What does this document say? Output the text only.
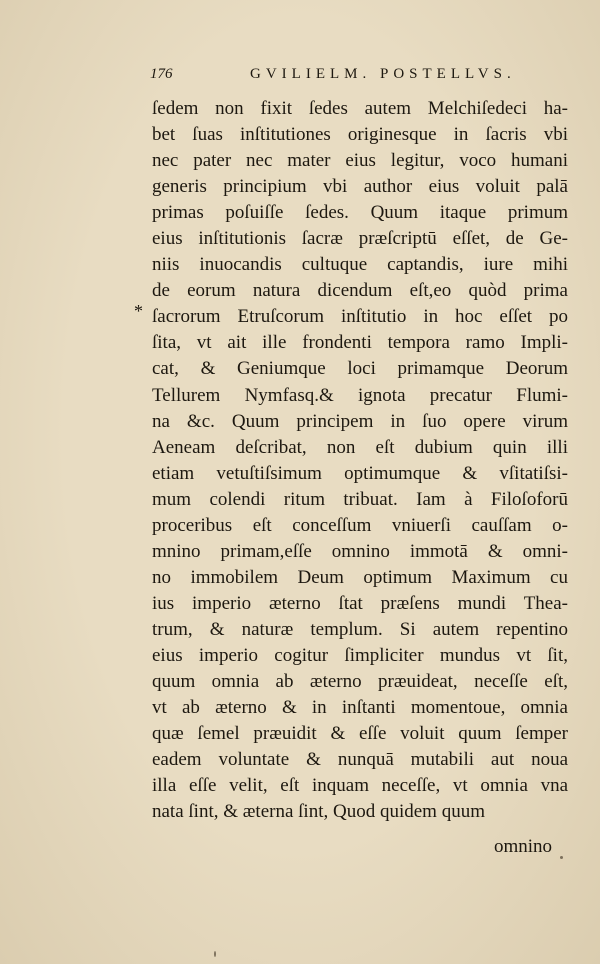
176	GVILIELM. POSTELLVS.
*
ſedem non fixit ſedes autem Melchiſedeci ha-
bet ſuas inſtitutiones originesque in ſacris vbi
nec pater nec mater eius legitur, voco humani
generis principium vbi author eius voluit palā
primas poſuiſſe ſedes. Quum itaque primum
eius inſtitutionis ſacræ præſcriptū eſſet, de Ge-
niis inuocandis cultuque captandis, iure mihi
de eorum natura dicendum eſt,eo quòd prima
ſacrorum Etruſcorum inſtitutio in hoc eſſet po
ſita, vt ait ille frondenti tempora ramo Impli-
cat, & Geniumque loci primamque Deorum
Tellurem Nymfasq.& ignota precatur Flumi-
na &c. Quum principem in ſuo opere virum
Aeneam deſcribat, non eſt dubium quin illi
etiam vetuſtiſsimum optimumque & vſitatiſsi-
mum colendi ritum tribuat. Iam à Filoſoforū
proceribus eſt conceſſum vniuerſi cauſſam o-
mnino primam,eſſe omnino immotā & omni-
no immobilem Deum optimum Maximum cu
ius imperio æterno ſtat præſens mundi Thea-
trum, & naturæ templum. Si autem repentino
eius imperio cogitur ſimpliciter mundus vt ſit,
quum omnia ab æterno præuideat, neceſſe eſt,
vt ab æterno & in inſtanti momentoue, omnia
quæ ſemel præuidit & eſſe voluit quum ſemper
eadem voluntate & nunquā mutabili aut noua
illa eſſe velit, eſt inquam neceſſe, vt omnia vna
nata ſint, & æterna ſint, Quod quidem quum
omnino
